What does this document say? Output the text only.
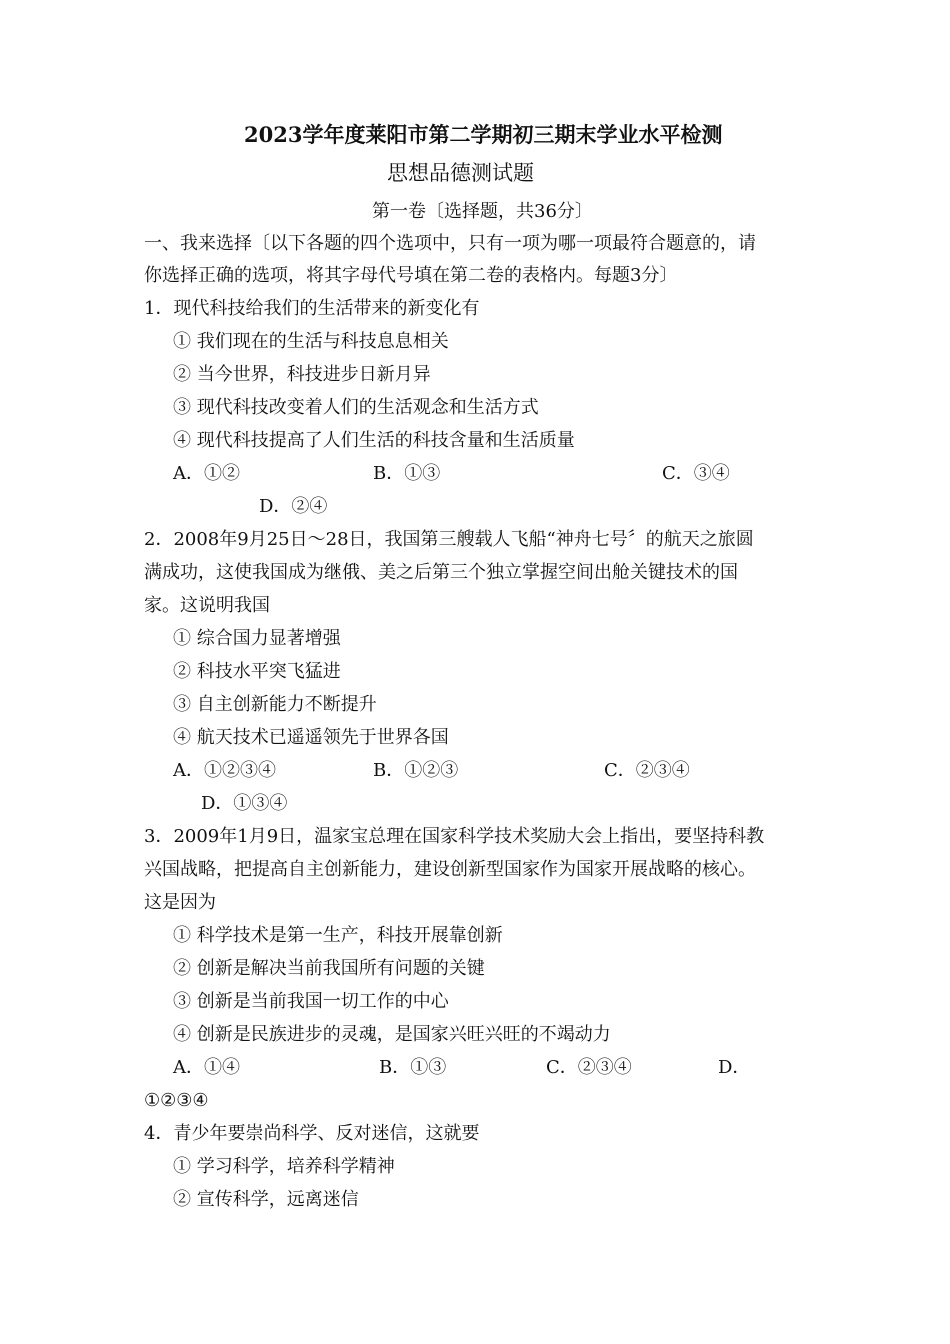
2023学年度莱阳市第二学期初三期末学业水平检测
思想品德测试题
第一卷〔选择题，共36分〕
一、我来选择〔以下各题的四个选项中，只有一项为哪一项最符合题意的，请
你选择正确的选项，将其字母代号填在第二卷的表格内。每题3分〕
1．现代科技给我们的生活带来的新变化有
① 我们现在的生活与科技息息相关
② 当今世界，科技进步日新月异
③ 现代科技改变着人们的生活观念和生活方式
④ 现代科技提高了人们生活的科技含量和生活质量
A．①②	B．①③	C．③④
D．②④
2．2008年9月25日～28日，我国第三艘载人飞船“神舟七号〞的航天之旅圆
满成功，这使我国成为继俄、美之后第三个独立掌握空间出舱关键技术的国
家。这说明我国
① 综合国力显著增强
② 科技水平突飞猛进
③ 自主创新能力不断提升
④ 航天技术已遥遥领先于世界各国
A．①②③④	B．①②③	C．②③④
D．①③④
3．2009年1月9日，温家宝总理在国家科学技术奖励大会上指出，要坚持科教
兴国战略，把提高自主创新能力，建设创新型国家作为国家开展战略的核心。
这是因为
① 科学技术是第一生产，科技开展靠创新
② 创新是解决当前我国所有问题的关键
③ 创新是当前我国一切工作的中心
④ 创新是民族进步的灵魂，是国家兴旺兴旺的不竭动力
A．①④	B．①③	C．②③④	D．
①②③④
4．青少年要崇尚科学、反对迷信，这就要
① 学习科学，培养科学精神
② 宣传科学，远离迷信
